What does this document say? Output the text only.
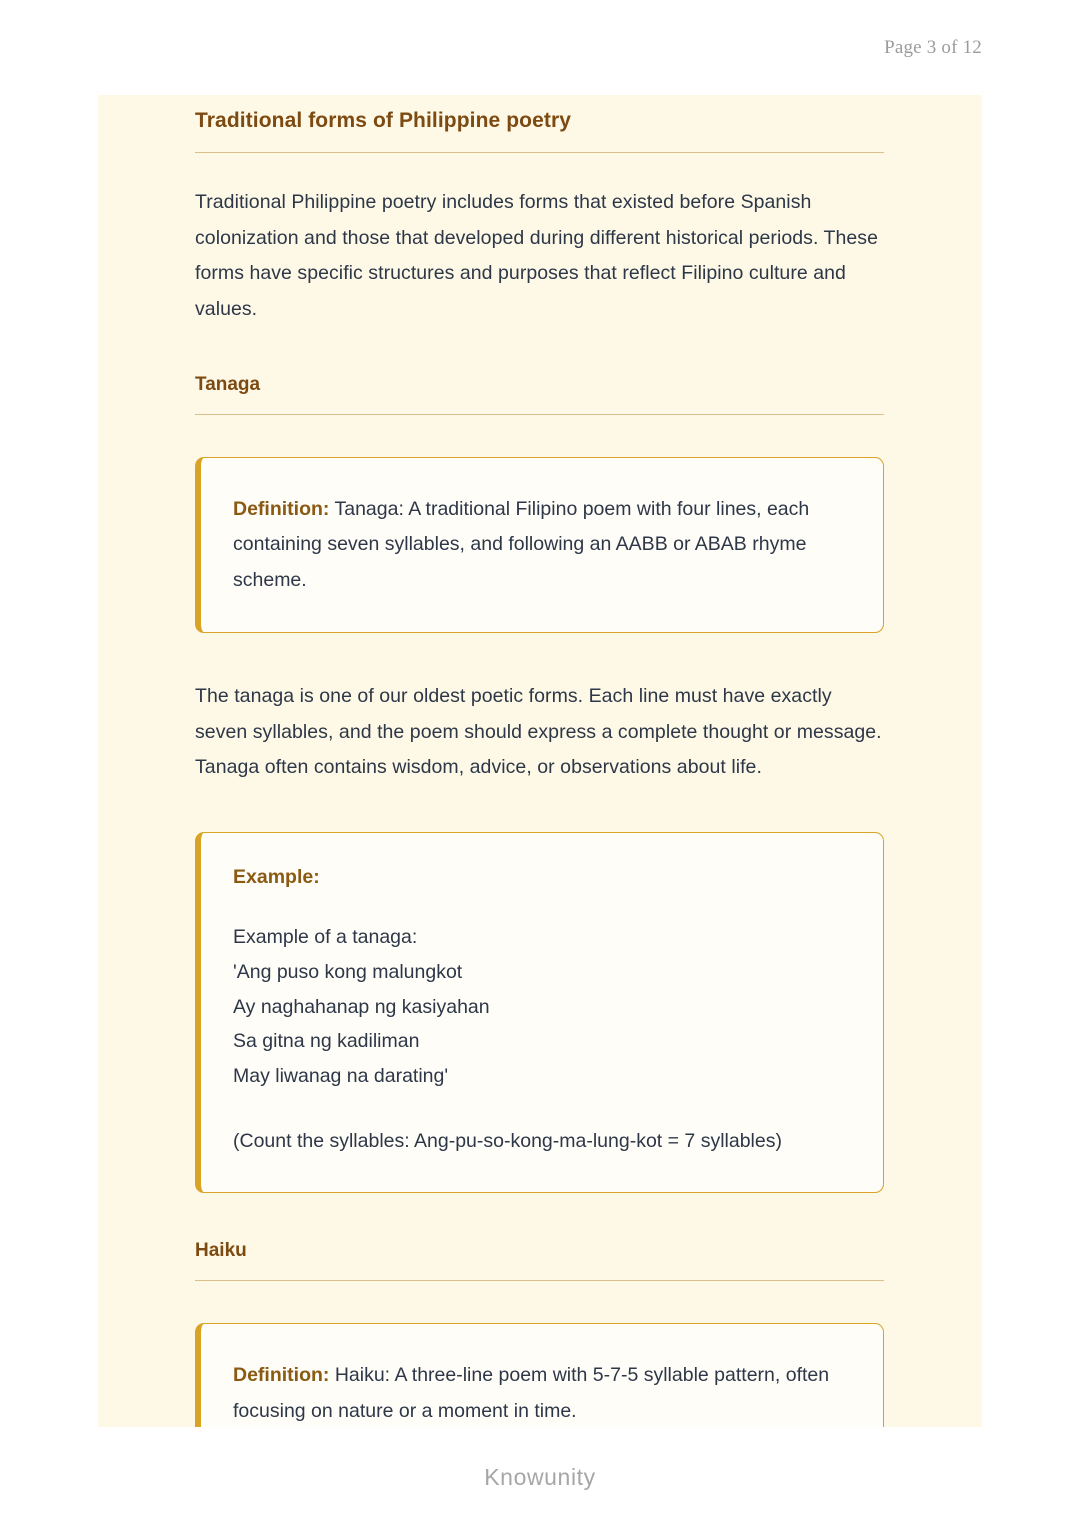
Page 3 of 12
Traditional forms of Philippine poetry

Traditional Philippine poetry includes forms that existed before Spanish colonization and those that developed during different historical periods. These forms have specific structures and purposes that reflect Filipino culture and values.

Tanaga

Definition: Tanaga: A traditional Filipino poem with four lines, each containing seven syllables, and following an AABB or ABAB rhyme scheme.

The tanaga is one of our oldest poetic forms. Each line must have exactly seven syllables, and the poem should express a complete thought or message. Tanaga often contains wisdom, advice, or observations about life.

Example:

Example of a tanaga:

'Ang puso kong malungkot

Ay naghahanap ng kasiyahan

Sa gitna ng kadiliman

May liwanag na darating'

(Count the syllables: Ang-pu-so-kong-ma-lung-kot = 7 syllables)

Haiku

Definition: Haiku: A three-line poem with 5-7-5 syllable pattern, often focusing on nature or a moment in time.

Knowunity
